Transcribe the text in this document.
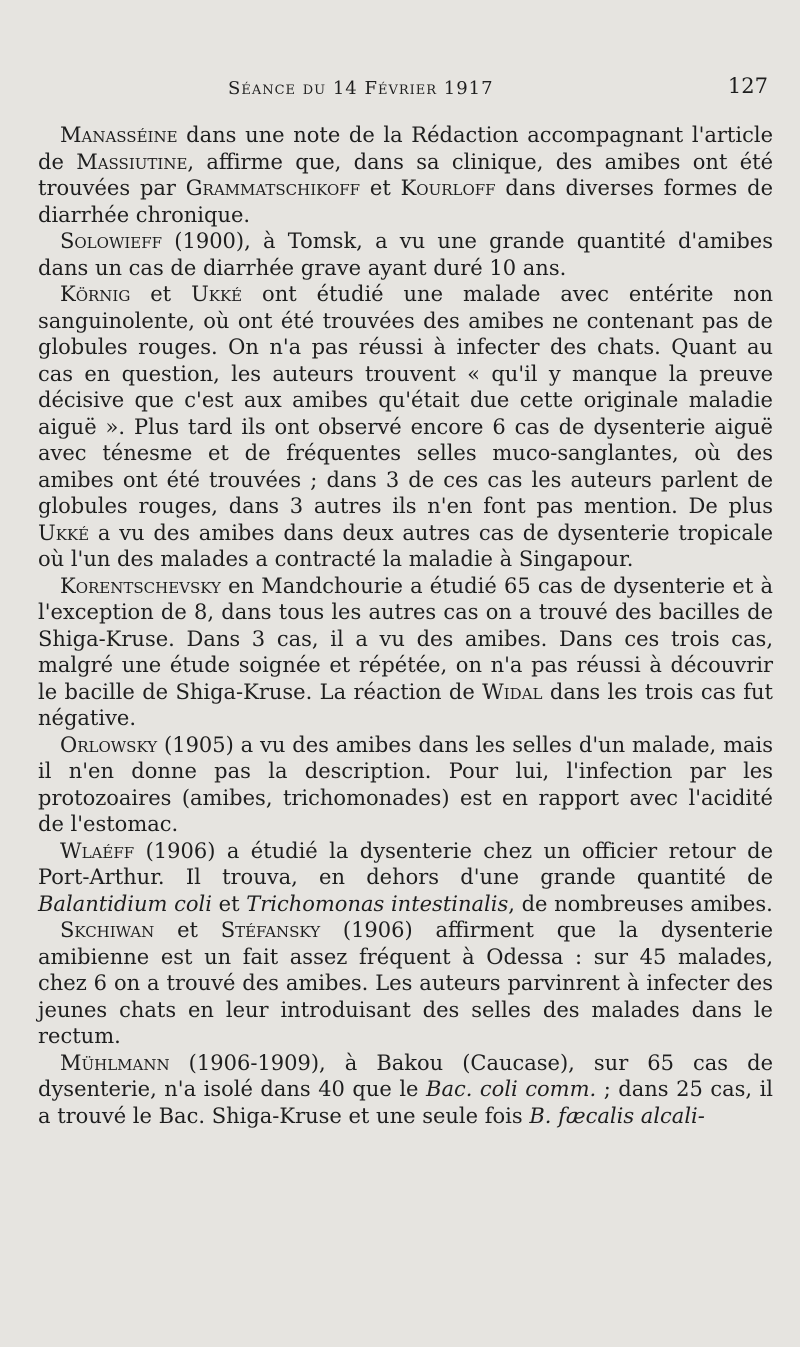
Séance du 14 Février 1917	127

Manasséine dans une note de la Rédaction accompagnant l'article de Massiutine, affirme que, dans sa clinique, des amibes ont été trouvées par Grammatschikoff et Kourloff dans diverses formes de diarrhée chronique.

Solowieff (1900), à Tomsk, a vu une grande quantité d'amibes dans un cas de diarrhée grave ayant duré 10 ans.

Körnig et Ukké ont étudié une malade avec entérite non sanguinolente, où ont été trouvées des amibes ne contenant pas de globules rouges. On n'a pas réussi à infecter des chats. Quant au cas en question, les auteurs trouvent « qu'il y manque la preuve décisive que c'est aux amibes qu'était due cette originale maladie aiguë ». Plus tard ils ont observé encore 6 cas de dysenterie aiguë avec ténesme et de fréquentes selles muco-sanglantes, où des amibes ont été trouvées ; dans 3 de ces cas les auteurs parlent de globules rouges, dans 3 autres ils n'en font pas mention. De plus Ukké a vu des amibes dans deux autres cas de dysenterie tropicale où l'un des malades a contracté la maladie à Singapour.

Korentschevsky en Mandchourie a étudié 65 cas de dysenterie et à l'exception de 8, dans tous les autres cas on a trouvé des bacilles de Shiga-Kruse. Dans 3 cas, il a vu des amibes. Dans ces trois cas, malgré une étude soignée et répétée, on n'a pas réussi à découvrir le bacille de Shiga-Kruse. La réaction de Widal dans les trois cas fut négative.

Orlowsky (1905) a vu des amibes dans les selles d'un malade, mais il n'en donne pas la description. Pour lui, l'infection par les protozoaires (amibes, trichomonades) est en rapport avec l'acidité de l'estomac.

Wlaéff (1906) a étudié la dysenterie chez un officier retour de Port-Arthur. Il trouva, en dehors d'une grande quantité de Balantidium coli et Trichomonas intestinalis, de nombreuses amibes.

Skchiwan et Stéfansky (1906) affirment que la dysenterie amibienne est un fait assez fréquent à Odessa : sur 45 malades, chez 6 on a trouvé des amibes. Les auteurs parvinrent à infecter des jeunes chats en leur introduisant des selles des malades dans le rectum.

Mühlmann (1906-1909), à Bakou (Caucase), sur 65 cas de dysenterie, n'a isolé dans 40 que le Bac. coli comm. ; dans 25 cas, il a trouvé le Bac. Shiga-Kruse et une seule fois B. fæcalis alcali-
